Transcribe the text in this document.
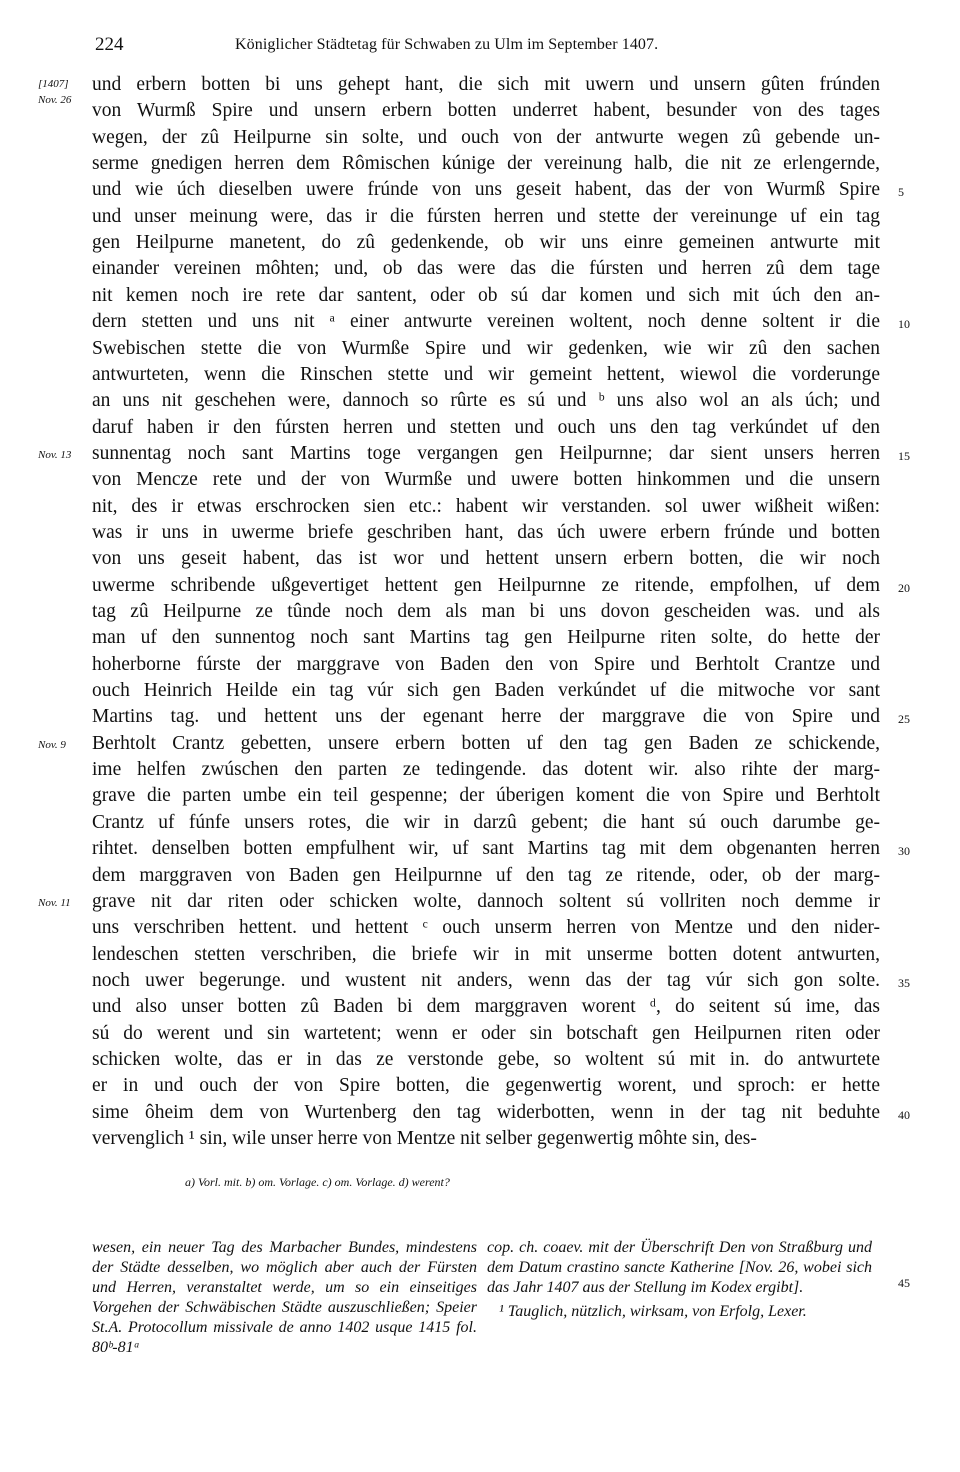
224	Königlicher Städtetag für Schwaben zu Ulm im September 1407.
und erbern botten bi uns gehept hant, die sich mit uwern und unsern gûten frúnden
von Wurmß Spire und unsern erbern botten underret habent, besunder von des tages
wegen, der zû Heilpurne sin solte, und ouch von der antwurte wegen zû gebende un-
serme gnedigen herren dem Rômischen kúnige der vereinung halb, die nit ze erlengernde,
und wie úch dieselben uwere frúnde von uns geseit habent, das der von Wurmß Spire
und unser meinung were, das ir die fúrsten herren und stette der vereinunge uf ein tag
gen Heilpurne manetent, do zû gedenkende, ob wir uns einre gemeinen antwurte mit
einander vereinen môhten; und, ob das were das die fúrsten und herren zû dem tage
nit kemen noch ire rete dar santent, oder ob sú dar komen und sich mit úch den an-
dern stetten und uns nit ᵃ einer antwurte vereinen woltent, noch denne soltent ir die
Swebischen stette die von Wurmße Spire und wir gedenken, wie wir zû den sachen
antwurteten, wenn die Rinschen stette und wir gemeint hettent, wiewol die vorderunge
an uns nit geschehen were, dannoch so rûrte es sú und ᵇ uns also wol an als úch; und
daruf haben ir den fúrsten herren und stetten und ouch uns den tag verkúndet uf den
sunnentag noch sant Martins toge vergangen gen Heilpurnne; dar sient unsers herren
von Mencze rete und der von Wurmße und uwere botten hinkommen und die unsern
nit, des ir etwas erschrocken sien etc.: habent wir verstanden. sol uwer wißheit wißen:
was ir uns in uwerme briefe geschriben hant, das úch uwere erbern frúnde und botten
von uns geseit habent, das ist wor und hettent unsern erbern botten, die wir noch
uwerme schribende ußgevertiget hettent gen Heilpurnne ze ritende, empfolhen, uf dem
tag zû Heilpurne ze tûnde noch dem als man bi uns dovon gescheiden was. und als
man uf den sunnentog noch sant Martins tag gen Heilpurne riten solte, do hette der
hoherborne fúrste der marggrave von Baden den von Spire und Berhtolt Crantze und
ouch Heinrich Heilde ein tag vúr sich gen Baden verkúndet uf die mitwoche vor sant
Martins tag. und hettent uns der egenant herre der marggrave die von Spire und
Berhtolt Crantz gebetten, unsere erbern botten uf den tag gen Baden ze schickende,
ime helfen zwúschen den parten ze tedingende. das dotent wir. also rihte der marg-
grave die parten umbe ein teil gespenne; der úberigen koment die von Spire und Berhtolt
Crantz uf fúnfe unsers rotes, die wir in darzû gebent; die hant sú ouch darumbe ge-
rihtet. denselben botten empfulhent wir, uf sant Martins tag mit dem obgenanten herren
dem marggraven von Baden gen Heilpurnne uf den tag ze ritende, oder, ob der marg-
grave nit dar riten oder schicken wolte, dannoch soltent sú vollriten noch demme ir
uns verschriben hettent. und hettent ᶜ ouch unserm herren von Mentze und den nider-
lendeschen stetten verschriben, die briefe wir in mit unserme botten dotent antwurten,
noch uwer begerunge. und wustent nit anders, wenn das der tag vúr sich gon solte.
und also unser botten zû Baden bi dem marggraven worent ᵈ, do seitent sú ime, das
sú do werent und sin wartetent; wenn er oder sin botschaft gen Heilpurnen riten oder
schicken wolte, das er in das ze verstonde gebe, so woltent sú mit in. do antwurtete
er in und ouch der von Spire botten, die gegenwertig worent, und sproch: er hette
sime ôheim dem von Wurtenberg den tag widerbotten, wenn in der tag nit beduhte
vervenglich ¹ sin, wile unser herre von Mentze nit selber gegenwertig môhte sin, des-
5
10
15
20
25
30
35
40
[1407]
Nov. 26
Nov. 13
Nov. 9
Nov. 11
a) Vorl. mit. b) om. Vorlage. c) om. Vorlage. d) werent?

wesen, ein neuer Tag des Marbacher Bundes, mindestens der Städte desselben, wo möglich aber auch der Fürsten und Herren, veranstaltet werde, um so ein einseitiges Vorgehen der Schwäbischen Städte auszuschließen; Speier St.A. Protocollum missivale de anno 1402 usque 1415 fol. 80ᵇ-81ᵃ

cop. ch. coaev. mit der Überschrift Den von Straßburg und dem Datum crastino sancte Katherine [Nov. 26, wobei sich das Jahr 1407 aus der Stellung im Kodex ergibt].

¹ Tauglich, nützlich, wirksam, von Erfolg, Lexer.

45
